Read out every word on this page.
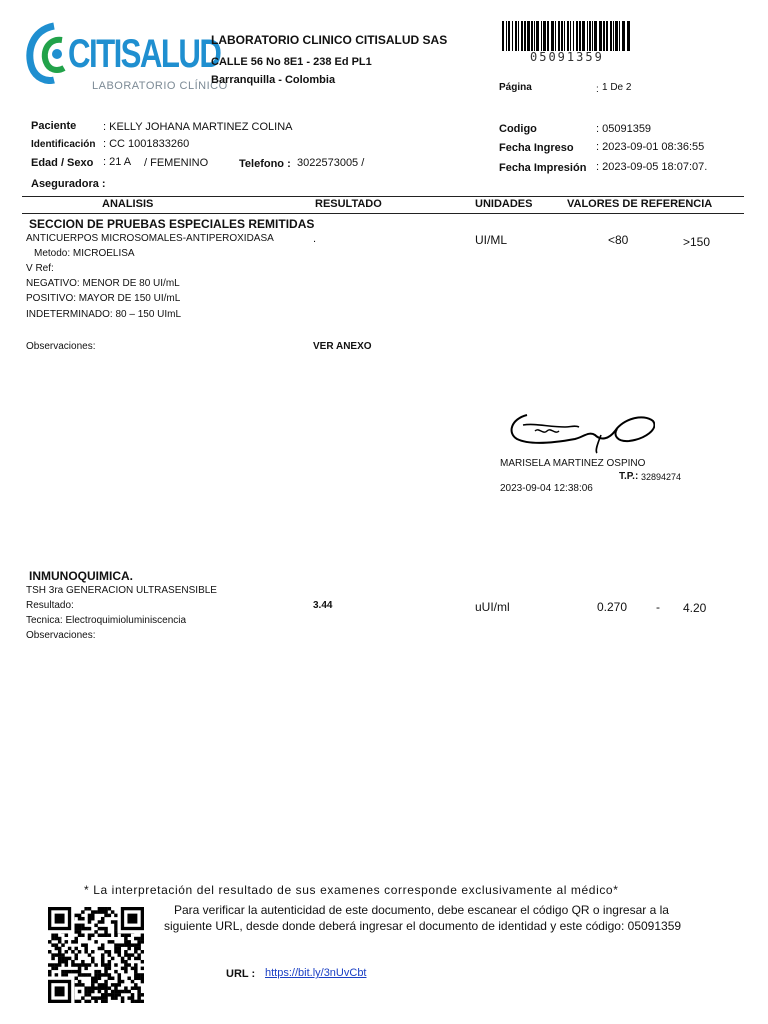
CITISALUD
LABORATORIO CLÍNICO
LABORATORIO CLINICO CITISALUD SAS
CALLE 56 No 8E1 - 238 Ed PL1
Barranquilla - Colombia
05091359
Página	: 1 De 2
Paciente : KELLY JOHANA MARTINEZ COLINA
Identificación : CC 1001833260
Edad / Sexo : 21 A / FEMENINO	Telefono : 3022573005 /
Aseguradora :
Codigo	: 05091359
Fecha Ingreso : 2023-09-01 08:36:55
Fecha Impresión : 2023-09-05 18:07:07.
ANALISIS	RESULTADO	UNIDADES	VALORES DE REFERENCIA
SECCION DE PRUEBAS ESPECIALES REMITIDAS
ANTICUERPOS MICROSOMALES-ANTIPEROXIDASA	.	UI/ML	<80	>150
Metodo: MICROELISA
V Ref:
NEGATIVO: MENOR DE 80 UI/mL
POSITIVO: MAYOR DE 150 UI/mL
INDETERMINADO: 80 – 150 UImL
Observaciones:	VER ANEXO
MARISELA MARTINEZ OSPINO
T.P.: 32894274
2023-09-04 12:38:06
INMUNOQUIMICA.
TSH 3ra GENERACION ULTRASENSIBLE
Resultado:	3.44	uUI/ml	0.270 - 4.20
Tecnica: Electroquimioluminiscencia
Observaciones:
* La interpretación del resultado de sus examenes corresponde exclusivamente al médico*
Para verificar la autenticidad de este documento, debe escanear el código QR o ingresar a la
siguiente URL, desde donde deberá ingresar el documento de identidad y este código: 05091359
URL : https://bit.ly/3nUvCbt
